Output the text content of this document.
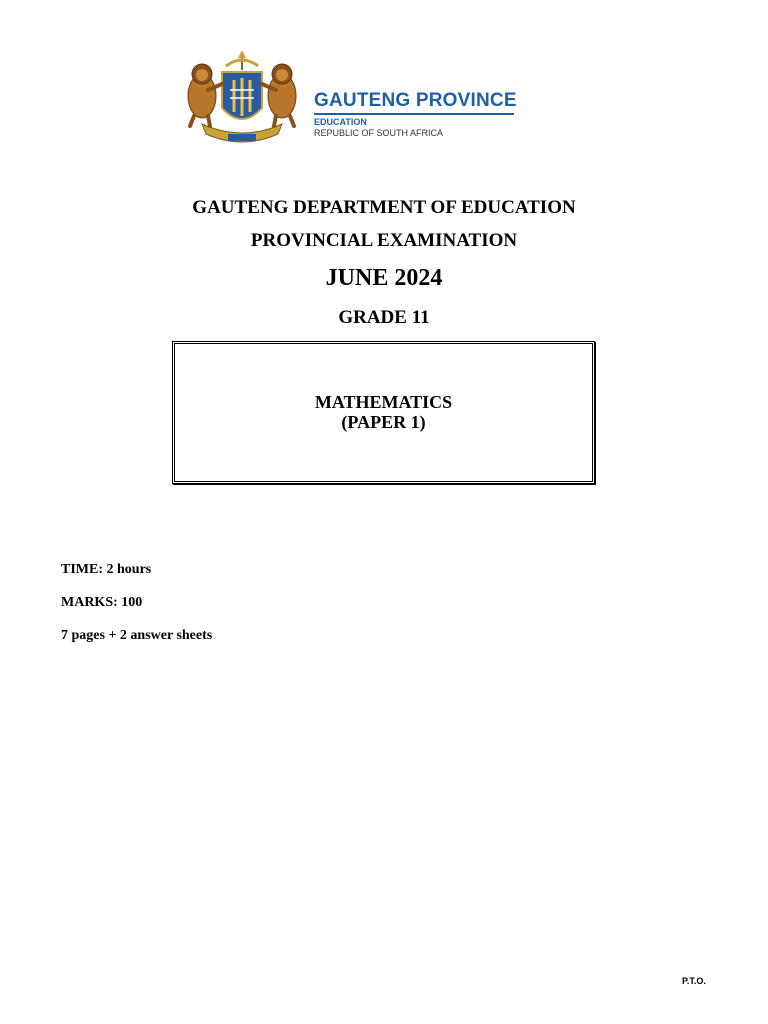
GAUTENG PROVINCE
EDUCATION
REPUBLIC OF SOUTH AFRICA
GAUTENG DEPARTMENT OF EDUCATION
PROVINCIAL EXAMINATION
JUNE 2024
GRADE 11
MATHEMATICS
(PAPER 1)
TIME: 2 hours
MARKS: 100
7 pages + 2 answer sheets
P.T.O.
